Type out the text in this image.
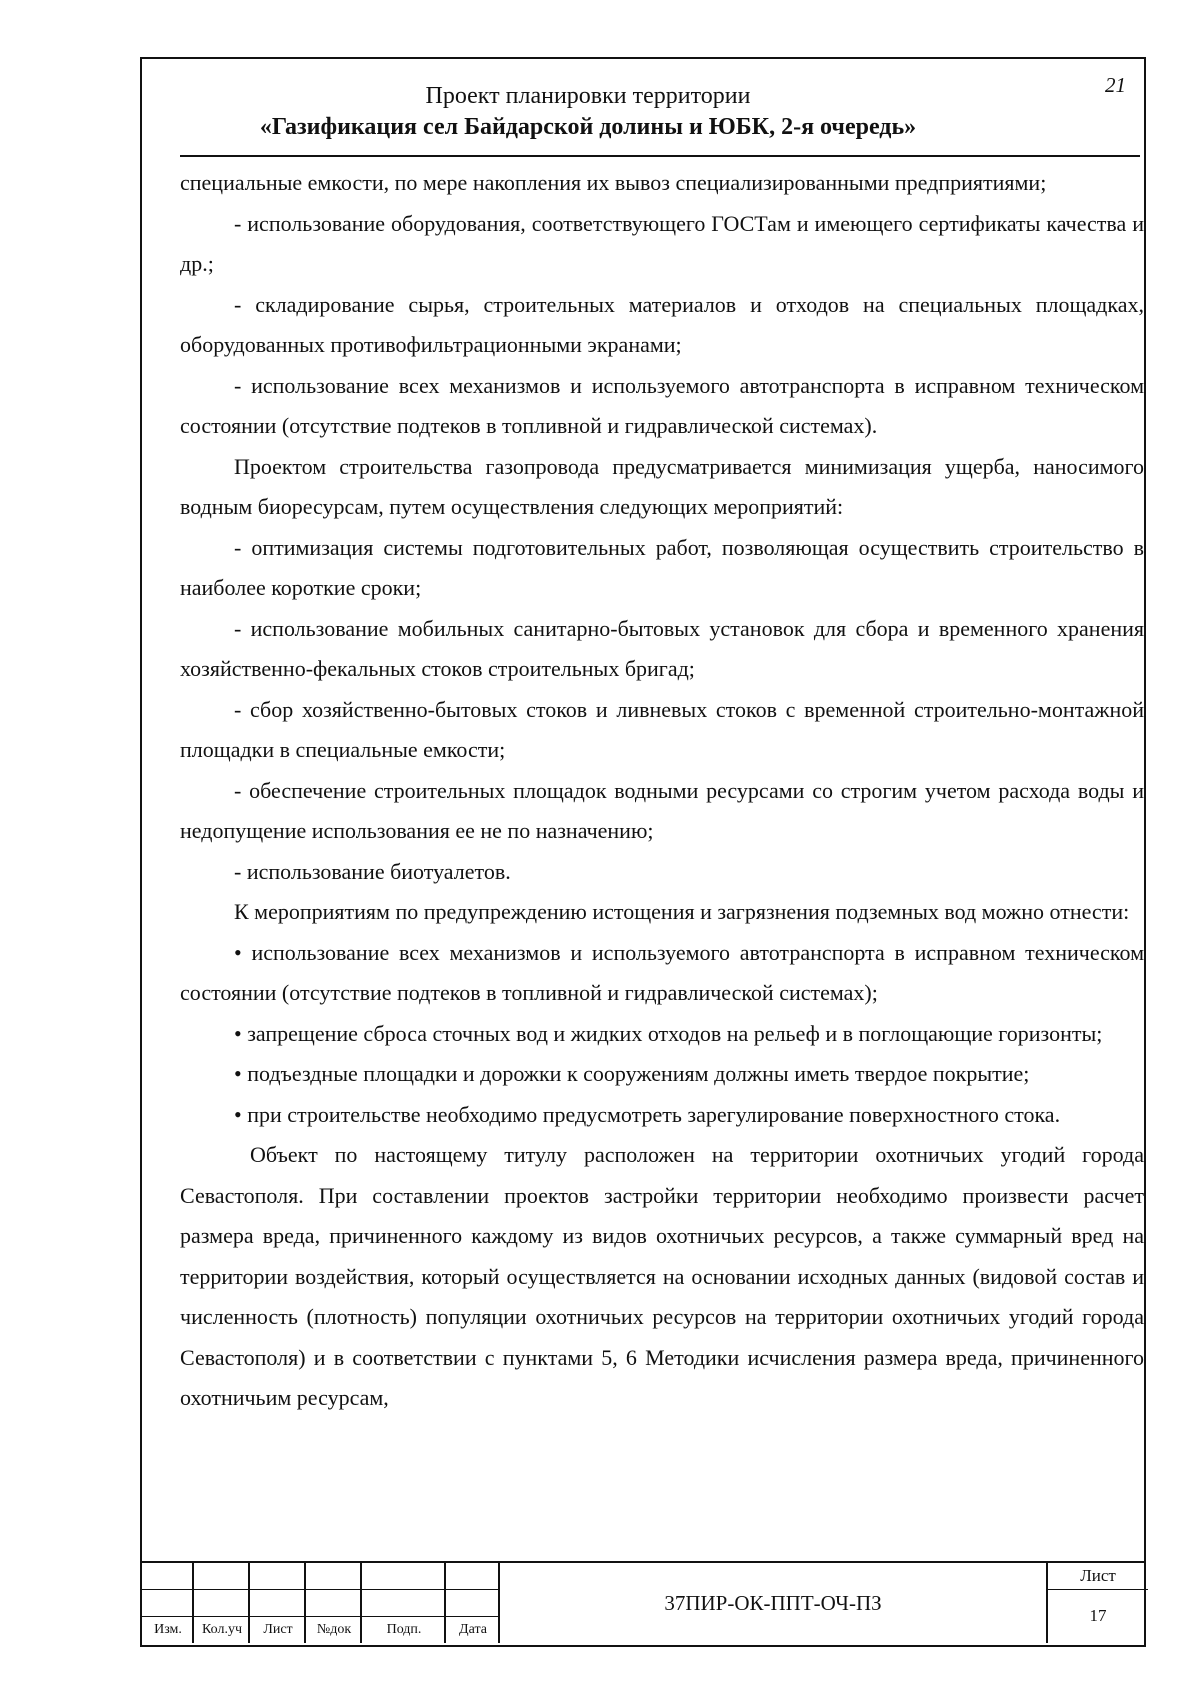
21
Проект планировки территории
«Газификация сел Байдарской долины и ЮБК, 2-я очередь»

специальные емкости, по мере накопления их вывоз специализированными предприятиями;

- использование оборудования, соответствующего ГОСТам и имеющего сертификаты качества и др.;

- складирование сырья, строительных материалов и отходов на специальных площадках, оборудованных противофильтрационными экранами;

- использование всех механизмов и используемого автотранспорта в исправном техническом состоянии (отсутствие подтеков в топливной и гидравлической системах).

Проектом строительства газопровода предусматривается минимизация ущерба, наносимого водным биоресурсам, путем осуществления следующих мероприятий:

- оптимизация системы подготовительных работ, позволяющая осуществить строительство в наиболее короткие сроки;

- использование мобильных санитарно-бытовых установок для сбора и временного хранения хозяйственно-фекальных стоков строительных бригад;

- сбор хозяйственно-бытовых стоков и ливневых стоков с временной строительно-монтажной площадки в специальные емкости;

- обеспечение строительных площадок водными ресурсами со строгим учетом расхода воды и недопущение использования ее не по назначению;

- использование биотуалетов.

К мероприятиям по предупреждению истощения и загрязнения подземных вод можно отнести:

• использование всех механизмов и используемого автотранспорта в исправном техническом состоянии (отсутствие подтеков в топливной и гидравлической системах);

• запрещение сброса сточных вод и жидких отходов на рельеф и в поглощающие горизонты;

• подъездные площадки и дорожки к сооружениям должны иметь твердое покрытие;

• при строительстве необходимо предусмотреть зарегулирование поверхностного стока.

Объект по настоящему титулу расположен на территории охотничьих угодий города Севастополя. При составлении проектов застройки территории необходимо произвести расчет размера вреда, причиненного каждому из видов охотничьих ресурсов, а также суммарный вред на территории воздействия, который осуществляется на основании исходных данных (видовой состав и численность (плотность) популяции охотничьих ресурсов на территории охотничьих угодий города Севастополя) и в соответствии с пунктами 5, 6 Методики исчисления размера вреда, причиненного охотничьим ресурсам,

Изм.	Кол.уч	Лист	№док	Подп.	Дата
37ПИР-ОК-ППТ-ОЧ-ПЗ
Лист
17
